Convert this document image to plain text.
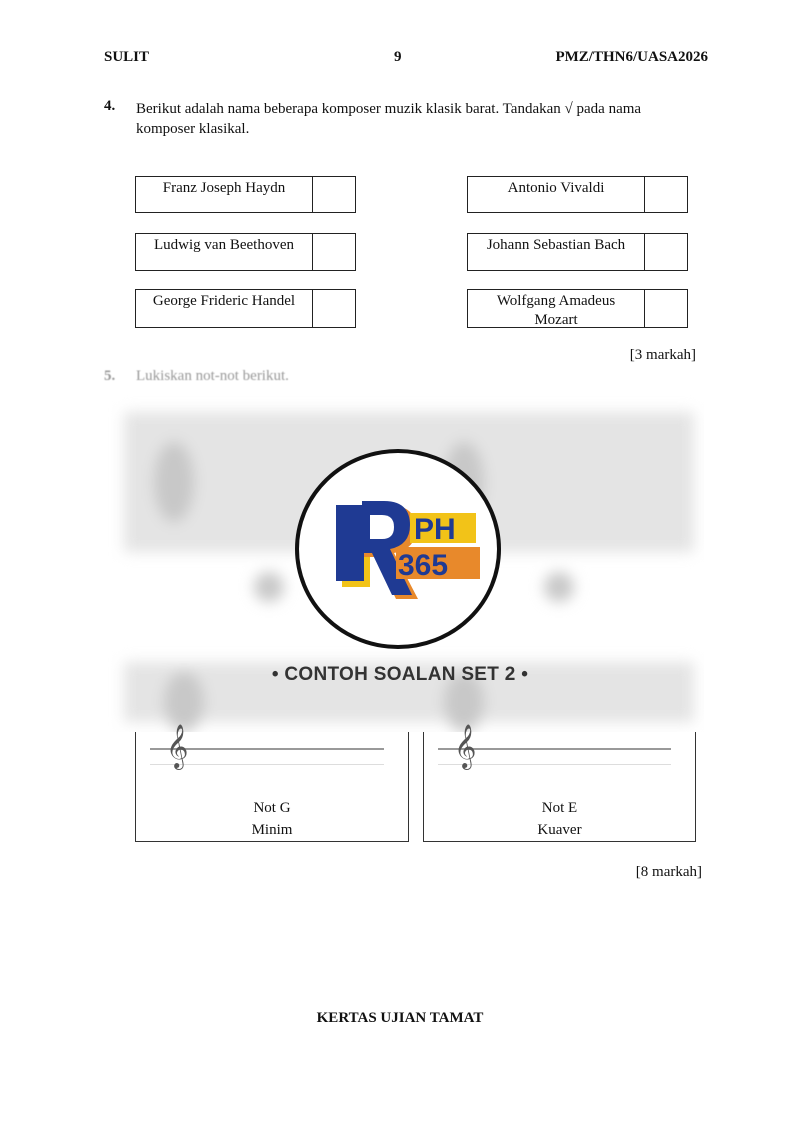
SULIT	9	PMZ/THN6/UASA2026
4. Berikut adalah nama beberapa komposer muzik klasik barat. Tandakan √ pada nama
komposer klasikal.
Franz Joseph Haydn	Antonio Vivaldi
Ludwig van Beethoven	Johann Sebastian Bach
George Frideric Handel	Wolfgang Amadeus Mozart
[3 markah]
5. Lukiskan not-not berikut.
PH
365
• CONTOH SOALAN SET 2 •
𝄞
Not G
Minim
𝄞
Not E
Kuaver
[8 markah]
KERTAS UJIAN TAMAT
